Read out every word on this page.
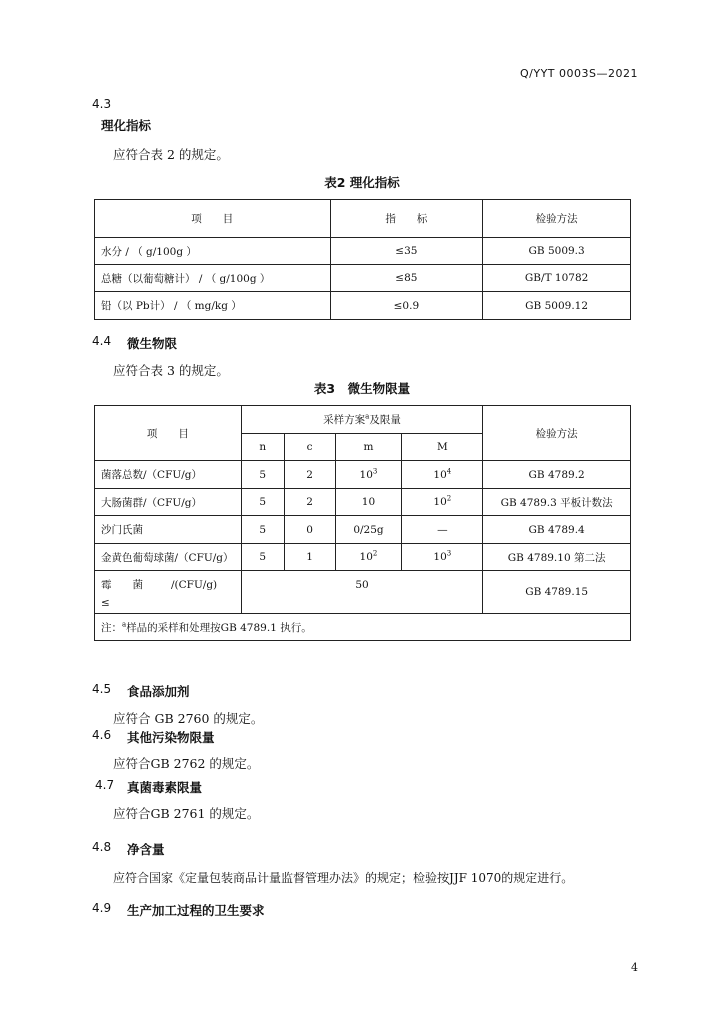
Q/YYT 0003S—2021
4.3
理化指标
应符合表 2 的规定。
表2 理化指标
项　　目	指　　标	检验方法
水分 / （ g/100g ）	≤35	GB 5009.3
总糖（以葡萄糖计） / （ g/100g ）	≤85	GB/T 10782
铅（以 Pb计） / （ mg/kg ）	≤0.9	GB 5009.12
4.4 微生物限
应符合表 3 的规定。
表3　微生物限量
项　　目	采样方案$^a$及限量				检验方法
	n	c	m	M	
菌落总数/（CFU/g）	5	2	$10^3$	$10^4$	GB 4789.2
大肠菌群/（CFU/g）	5	2	10	$10^2$	GB 4789.3 平板计数法
沙门氏菌	5	0	0/25g	—	GB 4789.4
金黄色葡萄球菌/（CFU/g）	5	1	$10^2$	$10^3$	GB 4789.10 第二法
霉　　菌 /(CFU/g)
≤	50				GB 4789.15
注：$^a$样品的采样和处理按GB 4789.1 执行。					
4.5 食品添加剂
应符合 GB 2760 的规定。
4.6 其他污染物限量
应符合GB 2762 的规定。
4.7 真菌毒素限量
应符合GB 2761 的规定。
4.8 净含量
应符合国家《定量包装商品计量监督管理办法》的规定；检验按JJF 1070的规定进行。
4.9 生产加工过程的卫生要求
4
